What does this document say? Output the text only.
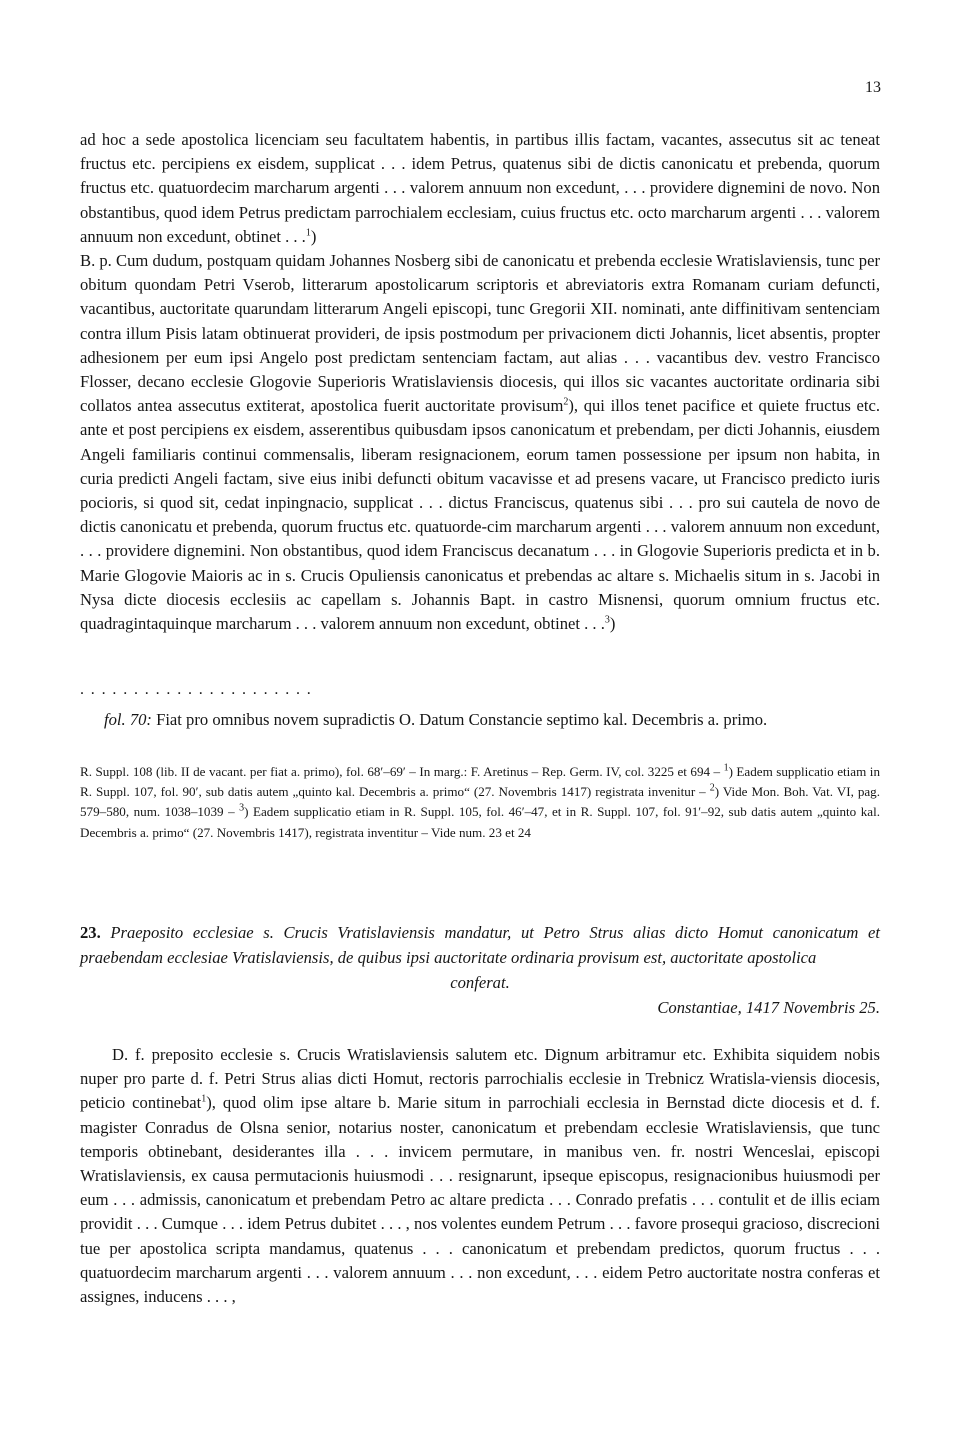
13

ad hoc a sede apostolica licenciam seu facultatem habentis, in partibus illis factam, vacantes, assecutus sit ac teneat fructus etc. percipiens ex eisdem, supplicat . . . idem Petrus, quatenus sibi de dictis canonicatu et prebenda, quorum fructus etc. quatuordecim marcharum argenti . . . valorem annuum non excedunt, . . . providere dignemini de novo. Non obstantibus, quod idem Petrus predictam parrochialem ecclesiam, cuius fructus etc. octo marcharum argenti . . . valorem annuum non excedunt, obtinet . . .$^1$)

B. p. Cum dudum, postquam quidam Johannes Nosberg sibi de canonicatu et prebenda ecclesie Wratislaviensis, tunc per obitum quondam Petri Vserob, litterarum apostolicarum scriptoris et abreviatoris extra Romanam curiam defuncti, vacantibus, auctoritate quarundam litterarum Angeli episcopi, tunc Gregorii XII. nominati, ante diffinitivam sentenciam contra illum Pisis latam obtinuerat provideri, de ipsis postmodum per privacionem dicti Johannis, licet absentis, propter adhesionem per eum ipsi Angelo post predictam sentenciam factam, aut alias . . . vacantibus dev. vestro Francisco Flosser, decano ecclesie Glogovie Superioris Wratislaviensis diocesis, qui illos sic vacantes auctoritate ordinaria sibi collatos antea assecutus extiterat, apostolica fuerit auctoritate provisum$^2$), qui illos tenet pacifice et quiete fructus etc. ante et post percipiens ex eisdem, asserentibus quibusdam ipsos canonicatum et prebendam, per dicti Johannis, eiusdem Angeli familiaris continui commensalis, liberam resignacionem, eorum tamen possessione per ipsum non habita, in curia predicti Angeli factam, sive eius inibi defuncti obitum vacavisse et ad presens vacare, ut Francisco predicto iuris pocioris, si quod sit, cedat inpingnacio, supplicat . . . dictus Franciscus, quatenus sibi . . . pro sui cautela de novo de dictis canonicatu et prebenda, quorum fructus etc. quatuorde-cim marcharum argenti . . . valorem annuum non excedunt, . . . providere dignemini. Non obstantibus, quod idem Franciscus decanatum . . . in Glogovie Superioris predicta et in b. Marie Glogovie Maioris ac in s. Crucis Opuliensis canonicatus et prebendas ac altare s. Michaelis situm in s. Jacobi in Nysa dicte diocesis ecclesiis ac capellam s. Johannis Bapt. in castro Misnensi, quorum omnium fructus etc. quadragintaquinque marcharum . . . valorem annuum non excedunt, obtinet . . .$^3$)

. . . . . . . . . . . . . . . . . . . . . .
fol. 70: Fiat pro omnibus novem supradictis O. Datum Constancie septimo kal. Decembris a. primo.

R. Suppl. 108 (lib. II de vacant. per fiat a. primo), fol. 68′–69′ – In marg.: F. Aretinus – Rep. Germ. IV, col. 3225 et 694 – $^1$) Eadem supplicatio etiam in R. Suppl. 107, fol. 90′, sub datis autem „quinto kal. Decembris a. primo“ (27. Novembris 1417) registrata invenitur – $^2$) Vide Mon. Boh. Vat. VI, pag. 579–580, num. 1038–1039 – $^3$) Eadem supplicatio etiam in R. Suppl. 105, fol. 46′–47, et in R. Suppl. 107, fol. 91′–92, sub datis autem „quinto kal. Decembris a. primo“ (27. Novembris 1417), registrata inventitur – Vide num. 23 et 24

23. Praeposito ecclesiae s. Crucis Vratislaviensis mandatur, ut Petro Strus alias dicto Homut canonicatum et praebendam ecclesiae Vratislaviensis, de quibus ipsi auctoritate ordinaria provisum est, auctoritate apostolica

conferat.
Constantiae, 1417 Novembris 25.

D. f. preposito ecclesie s. Crucis Wratislaviensis salutem etc. Dignum arbitramur etc. Exhibita siquidem nobis nuper pro parte d. f. Petri Strus alias dicti Homut, rectoris parrochialis ecclesie in Trebnicz Wratisla-viensis diocesis, peticio continebat$^1$), quod olim ipse altare b. Marie situm in parrochiali ecclesia in Bernstad dicte diocesis et d. f. magister Conradus de Olsna senior, notarius noster, canonicatum et prebendam ecclesie Wratislaviensis, que tunc temporis obtinebant, desiderantes illa . . . invicem permutare, in manibus ven. fr. nostri Wenceslai, episcopi Wratislaviensis, ex causa permutacionis huiusmodi . . . resignarunt, ipseque episcopus, resignacionibus huiusmodi per eum . . . admissis, canonicatum et prebendam Petro ac altare predicta . . . Conrado prefatis . . . contulit et de illis eciam providit . . . Cumque . . . idem Petrus dubitet . . . , nos volentes eundem Petrum . . . favore prosequi gracioso, discrecioni tue per apostolica scripta mandamus, quatenus . . . canonicatum et prebendam predictos, quorum fructus . . . quatuordecim marcharum argenti . . . valorem annuum . . . non excedunt, . . . eidem Petro auctoritate nostra conferas et assignes, inducens . . . ,
